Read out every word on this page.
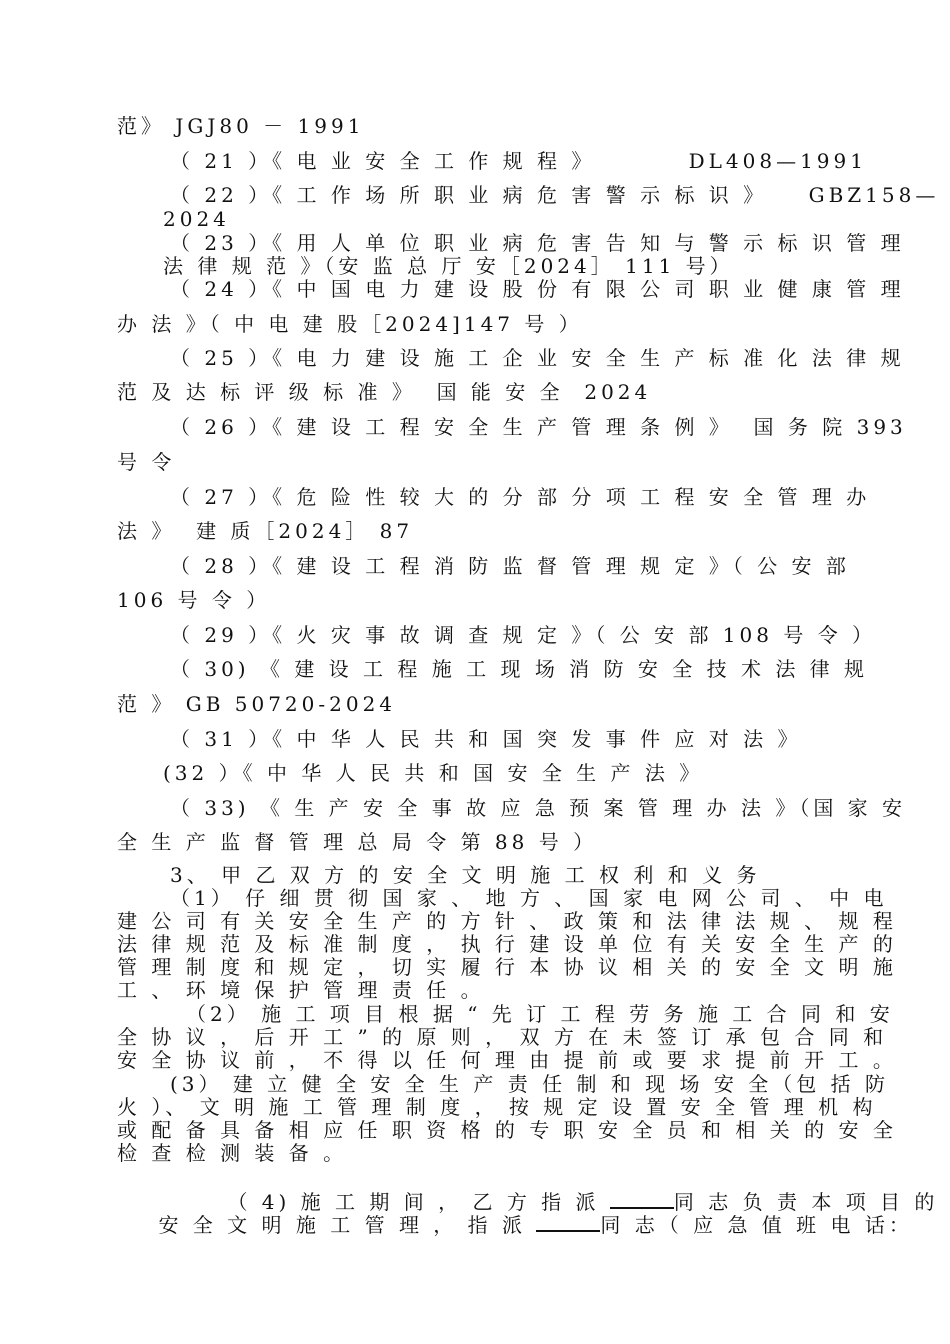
范》 JGJ80 － 1991
（ 21 ）《 电 业 安 全 工 作 规 程 》         DL408—1991
（ 22 ）《 工 作 场 所 职 业 病 危 害 警 示 标 识 》    GBZ158—
2024
（ 23 ）《 用 人 单 位 职 业 病 危 害 告 知 与 警 示 标 识 管 理
法 律 规 范 》（安 监 总 厅 安［2024］ 111 号）
（ 24 ）《 中 国 电 力 建 设 股 份 有 限 公 司 职 业 健 康 管 理
办 法 》（ 中 电 建 股［2024]147 号 ）
（ 25 ）《 电 力 建 设 施 工 企 业 安 全 生 产 标 准 化 法 律 规
范 及 达 标 评 级 标 准 》  国 能 安 全  2024
（ 26 ）《 建 设 工 程 安 全 生 产 管 理 条 例 》  国 务 院 393
号 令
（ 27 ）《 危 险 性 较 大 的 分 部 分 项 工 程 安 全 管 理 办
法 》  建 质［2024］ 87
（ 28 ）《 建 设 工 程 消 防 监 督 管 理 规 定 》（ 公 安 部
106 号 令 ）
（ 29 ）《 火 灾 事 故 调 查 规 定 》（ 公 安 部 108 号 令 ）
（ 30) 《 建 设 工 程 施 工 现 场 消 防 安 全 技 术 法 律 规
范 》 GB 50720-2024
（ 31 ）《 中 华 人 民 共 和 国 突 发 事 件 应 对 法 》
(32 ）《 中 华 人 民 共 和 国 安 全 生 产 法 》
（ 33) 《 生 产 安 全 事 故 应 急 预 案 管 理 办 法 》（国 家 安
全 生 产 监 督 管 理 总 局 令 第 88 号 ）
3、 甲 乙 双 方 的 安 全 文 明 施 工 权 利 和 义 务
（1） 仔 细 贯 彻 国 家 、 地 方 、 国 家 电 网 公 司 、 中 电
建 公 司 有 关 安 全 生 产 的 方 针 、 政 策 和 法 律 法 规 、 规 程
法 律 规 范 及 标 准 制 度 ， 执 行 建 设 单 位 有 关 安 全 生 产 的
管 理 制 度 和 规 定 ， 切 实 履 行 本 协 议 相 关 的 安 全 文 明 施
工 、 环 境 保 护 管 理 责 任 。
（2） 施 工 项 目 根 据 “ 先 订 工 程 劳 务 施 工 合 同 和 安
全 协 议 ， 后 开 工 ” 的 原 则 ， 双 方 在 未 签 订 承 包 合 同 和
安 全 协 议 前 ， 不 得 以 任 何 理 由 提 前 或 要 求 提 前 开 工 。
(3） 建 立 健 全 安 全 生 产 责 任 制 和 现 场 安 全（包 括 防
火 ）、 文 明 施 工 管 理 制 度 ， 按 规 定 设 置 安 全 管 理 机 构
或 配 备 具 备 相 应 任 职 资 格 的 专 职 安 全 员 和 相 关 的 安 全
检 查 检 测 装 备 。

（ 4) 施 工 期 间 ， 乙 方 指 派	同 志 负 责 本 项 目 的

安 全 文 明 施 工 管 理 ， 指 派	同 志（ 应 急 值 班 电 话：
